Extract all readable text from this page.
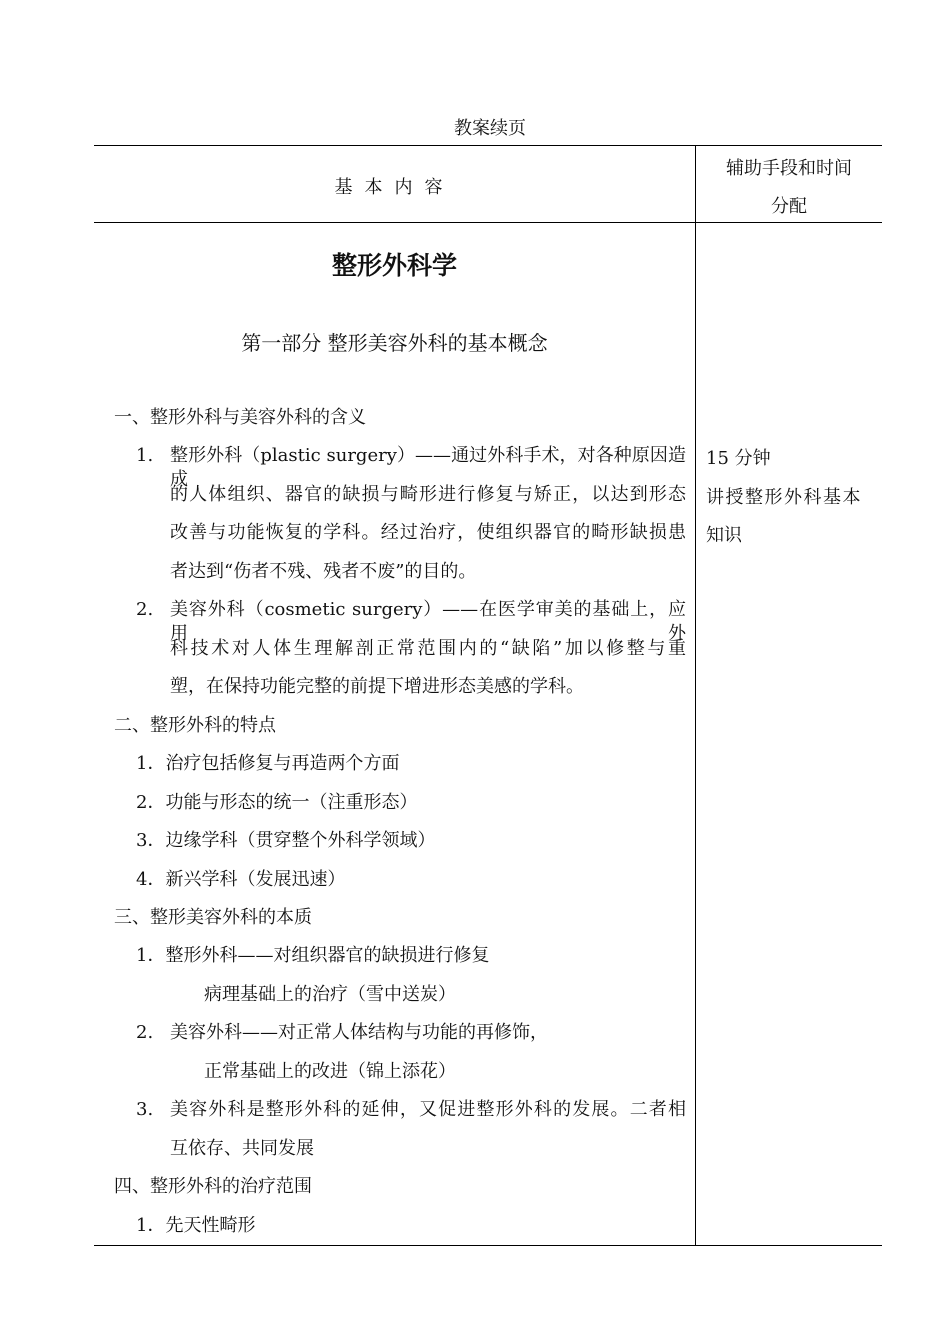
教案续页
基本内容
辅助手段和时间
分配
整形外科学
第一部分 整形美容外科的基本概念
一、整形外科与美容外科的含义
1. 整形外科（plastic surgery）——通过外科手术，对各种原因造成
的人体组织、器官的缺损与畸形进行修复与矫正，以达到形态
改善与功能恢复的学科。经过治疗，使组织器官的畸形缺损患
者达到“伤者不残、残者不废”的目的。
2. 美容外科（cosmetic surgery）——在医学审美的基础上，应用外
科技术对人体生理解剖正常范围内的“缺陷”加以修整与重
塑，在保持功能完整的前提下增进形态美感的学科。
二、整形外科的特点
1．治疗包括修复与再造两个方面
2．功能与形态的统一（注重形态）
3．边缘学科（贯穿整个外科学领域）
4．新兴学科（发展迅速）
三、整形美容外科的本质
1．整形外科——对组织器官的缺损进行修复
病理基础上的治疗（雪中送炭）
2. 美容外科——对正常人体结构与功能的再修饰，
正常基础上的改进（锦上添花）
3. 美容外科是整形外科的延伸，又促进整形外科的发展。二者相
互依存、共同发展
四、整形外科的治疗范围
1．先天性畸形
15 分钟
讲授整形外科基本
知识
